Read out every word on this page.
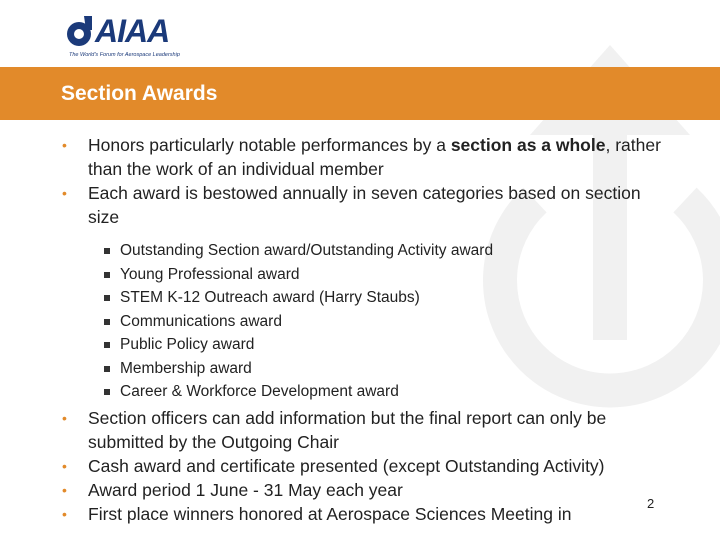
AIAA
The World's Forum for Aerospace Leadership
Section Awards
• Honors particularly notable performances by a section as a whole, rather than the work of an individual member
• Each award is bestowed annually in seven categories based on section size
Outstanding Section award/Outstanding Activity award
Young Professional award
STEM K-12 Outreach award (Harry Staubs)
Communications award
Public Policy award
Membership award
Career & Workforce Development award
• Section officers can add information but the final report can only be submitted by the Outgoing Chair
• Cash award and certificate presented (except Outstanding Activity)
• Award period 1 June - 31 May each year
• First place winners honored at Aerospace Sciences Meeting in	2
